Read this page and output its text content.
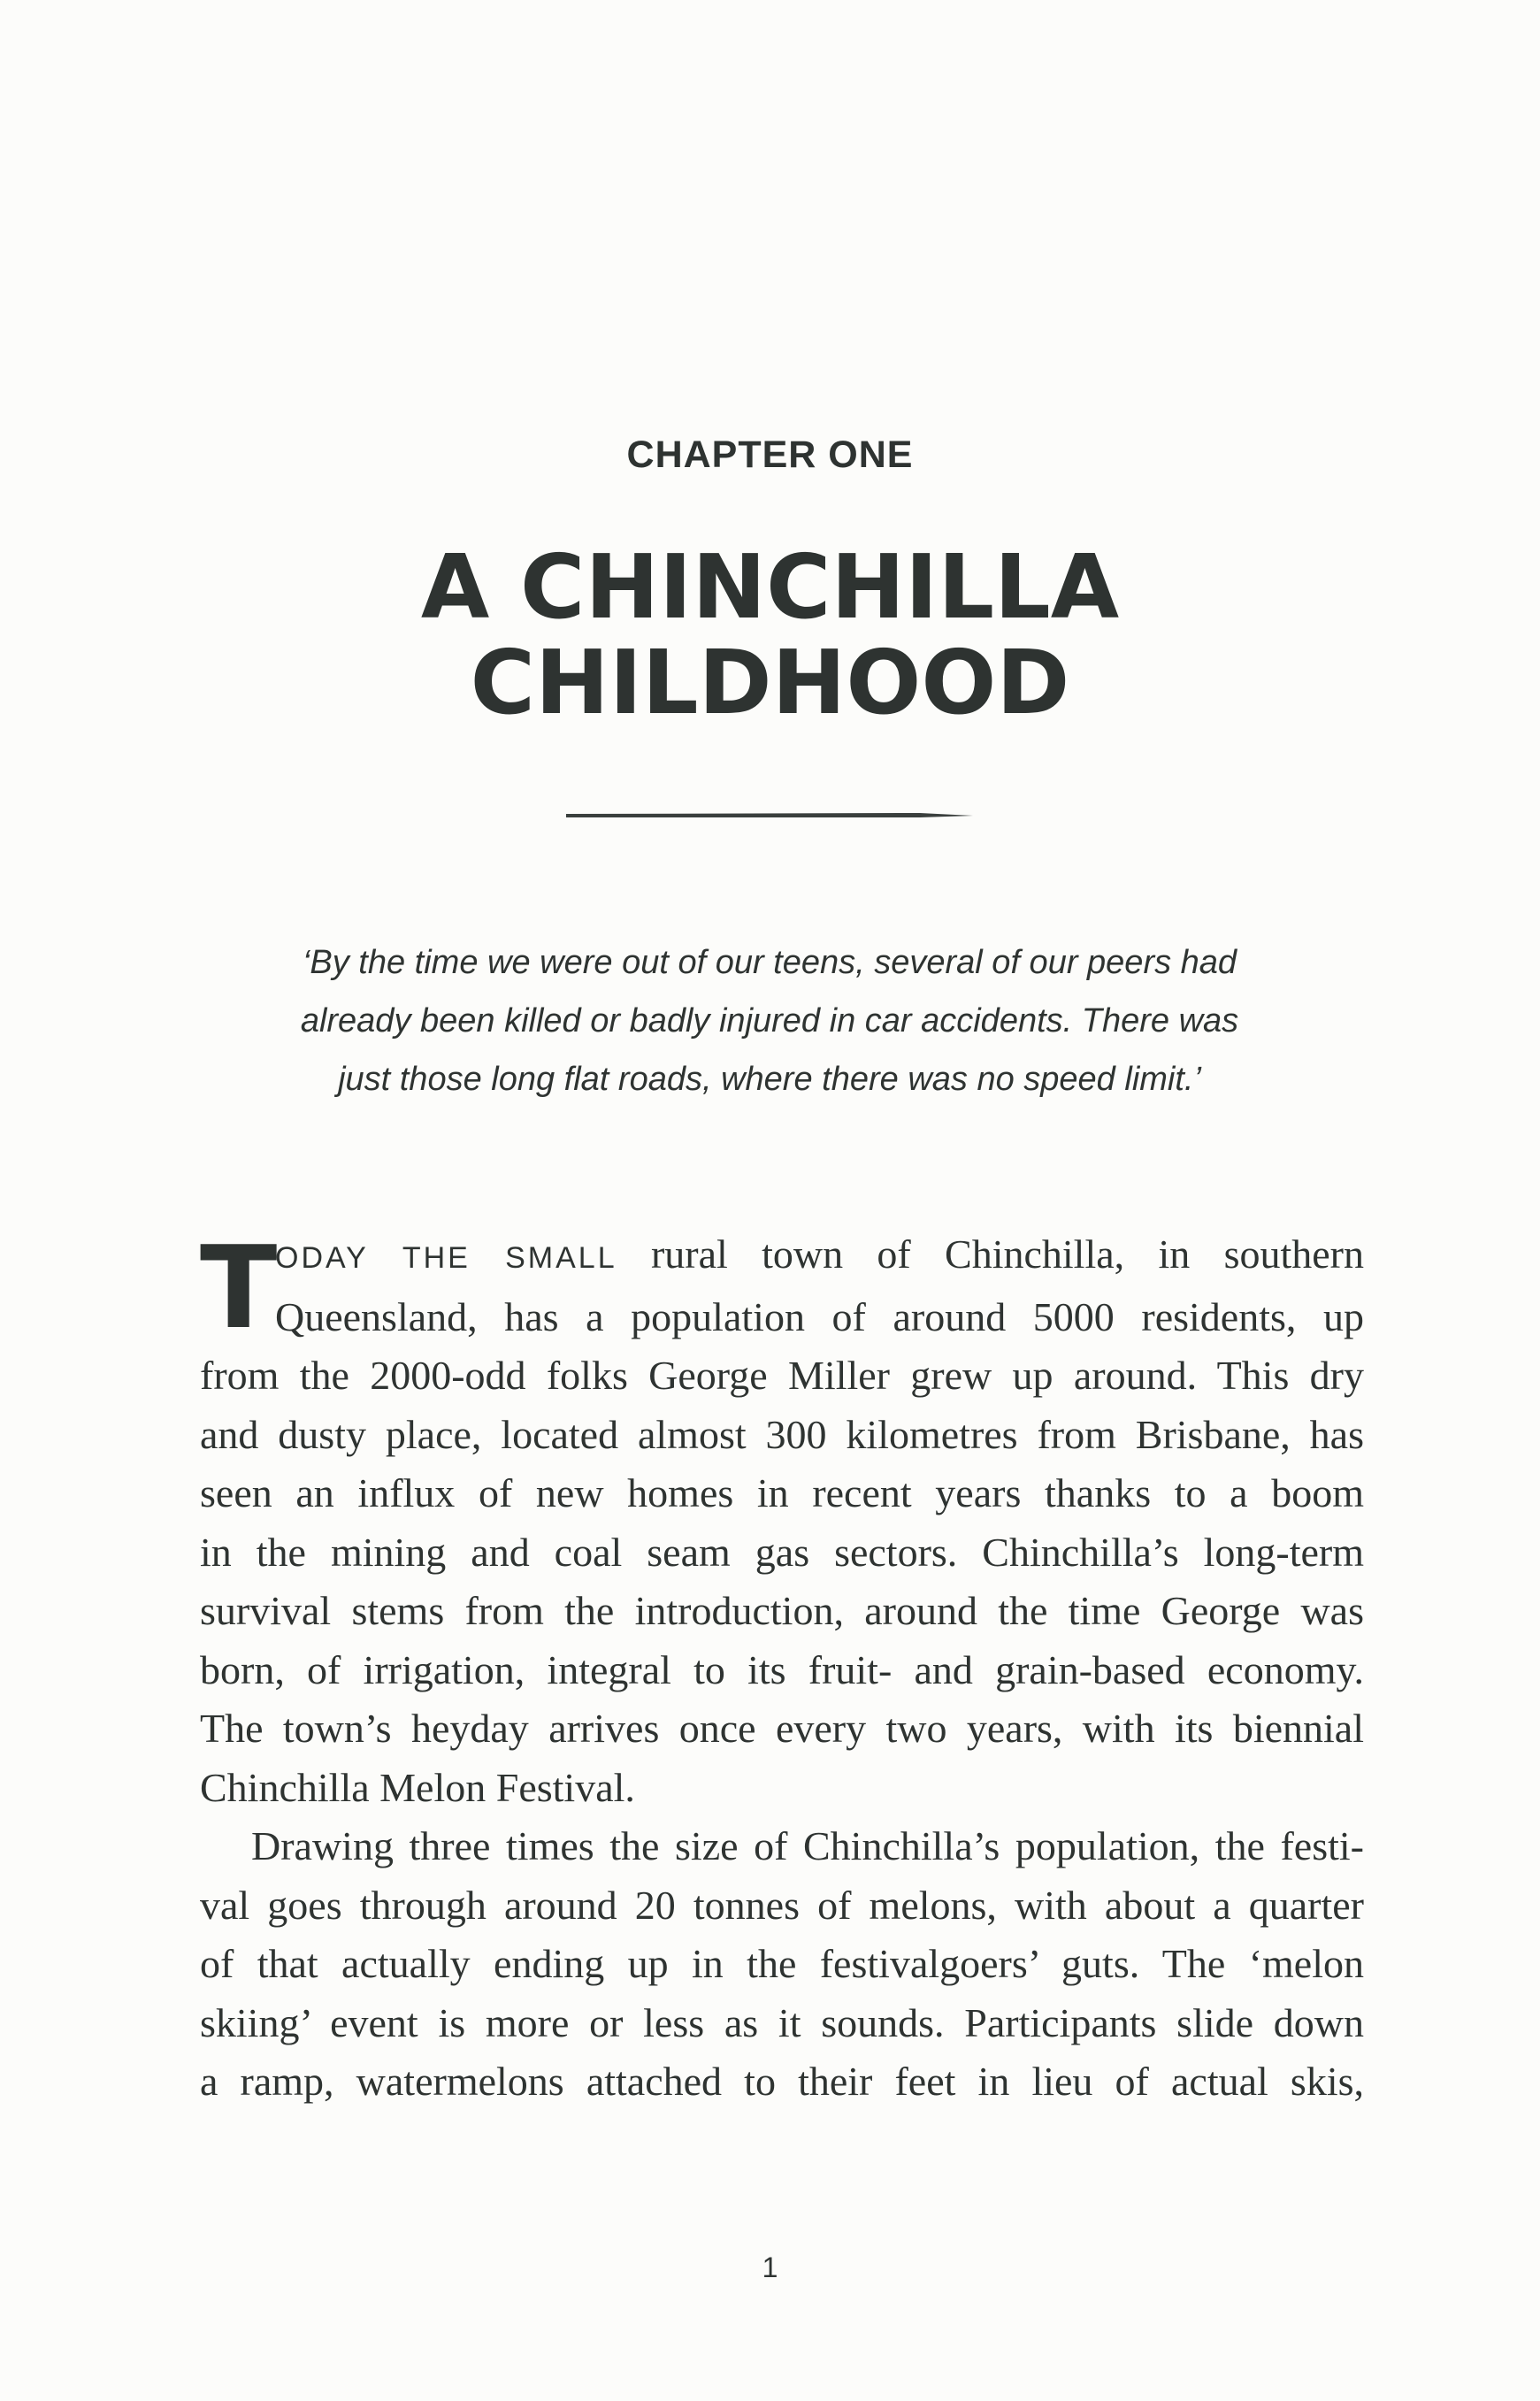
CHAPTER ONE
A CHINCHILLA
CHILDHOOD
‘By the time we were out of our teens, several of our peers had
already been killed or badly injured in car accidents. There was
just those long flat roads, where there was no speed limit.’
T
ODAY THE SMALL rural town of Chinchilla, in southern
Queensland, has a population of around 5000 residents, up
from the 2000-odd folks George Miller grew up around. This dry
and dusty place, located almost 300 kilometres from Brisbane, has
seen an influx of new homes in recent years thanks to a boom
in the mining and coal seam gas sectors. Chinchilla’s long-term
survival stems from the introduction, around the time George was
born, of irrigation, integral to its fruit- and grain-based economy.
The town’s heyday arrives once every two years, with its biennial
Chinchilla Melon Festival.
Drawing three times the size of Chinchilla’s population, the festi-
val goes through around 20 tonnes of melons, with about a quarter
of that actually ending up in the festivalgoers’ guts. The ‘melon
skiing’ event is more or less as it sounds. Participants slide down
a ramp, watermelons attached to their feet in lieu of actual skis,
1
